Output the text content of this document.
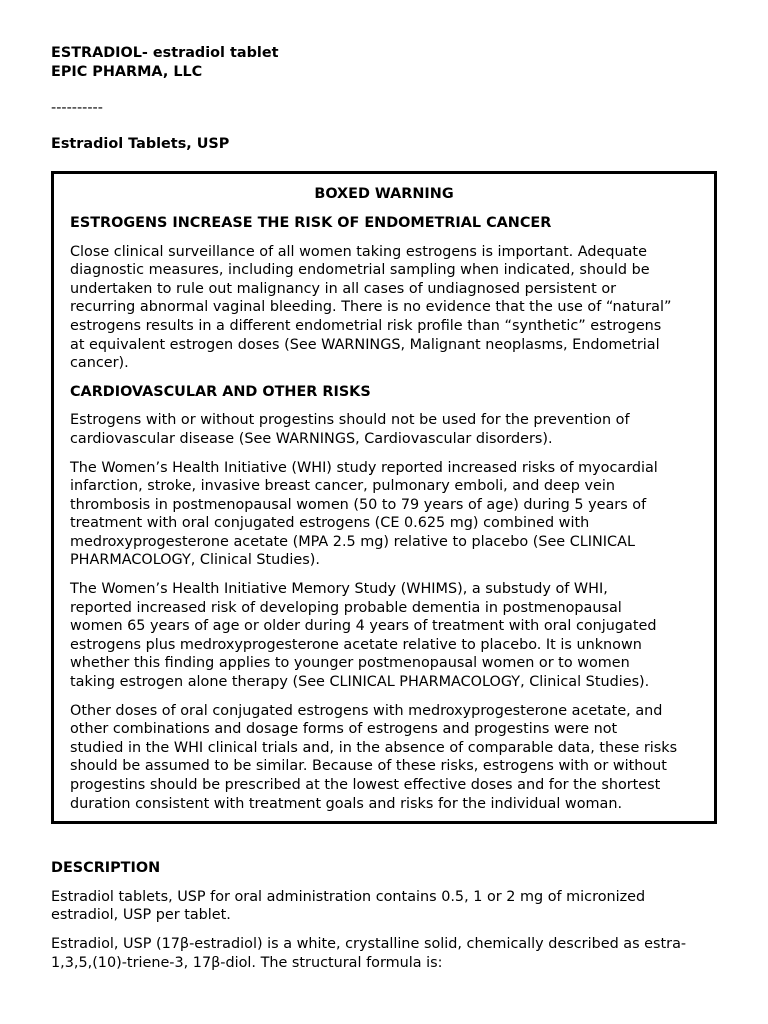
ESTRADIOL- estradiol tablet
EPIC PHARMA, LLC
----------
Estradiol Tablets, USP
BOXED WARNING
ESTROGENS INCREASE THE RISK OF ENDOMETRIAL CANCER
Close clinical surveillance of all women taking estrogens is important. Adequate
diagnostic measures, including endometrial sampling when indicated, should be
undertaken to rule out malignancy in all cases of undiagnosed persistent or
recurring abnormal vaginal bleeding. There is no evidence that the use of “natural”
estrogens results in a different endometrial risk profile than “synthetic” estrogens
at equivalent estrogen doses (See WARNINGS, Malignant neoplasms, Endometrial
cancer).
CARDIOVASCULAR AND OTHER RISKS
Estrogens with or without progestins should not be used for the prevention of
cardiovascular disease (See WARNINGS, Cardiovascular disorders).
The Women’s Health Initiative (WHI) study reported increased risks of myocardial
infarction, stroke, invasive breast cancer, pulmonary emboli, and deep vein
thrombosis in postmenopausal women (50 to 79 years of age) during 5 years of
treatment with oral conjugated estrogens (CE 0.625 mg) combined with
medroxyprogesterone acetate (MPA 2.5 mg) relative to placebo (See CLINICAL
PHARMACOLOGY, Clinical Studies).
The Women’s Health Initiative Memory Study (WHIMS), a substudy of WHI,
reported increased risk of developing probable dementia in postmenopausal
women 65 years of age or older during 4 years of treatment with oral conjugated
estrogens plus medroxyprogesterone acetate relative to placebo. It is unknown
whether this finding applies to younger postmenopausal women or to women
taking estrogen alone therapy (See CLINICAL PHARMACOLOGY, Clinical Studies).
Other doses of oral conjugated estrogens with medroxyprogesterone acetate, and
other combinations and dosage forms of estrogens and progestins were not
studied in the WHI clinical trials and, in the absence of comparable data, these risks
should be assumed to be similar. Because of these risks, estrogens with or without
progestins should be prescribed at the lowest effective doses and for the shortest
duration consistent with treatment goals and risks for the individual woman.
DESCRIPTION
Estradiol tablets, USP for oral administration contains 0.5, 1 or 2 mg of micronized
estradiol, USP per tablet.
Estradiol, USP (17β-estradiol) is a white, crystalline solid, chemically described as estra-
1,3,5,(10)-triene-3, 17β-diol. The structural formula is:
